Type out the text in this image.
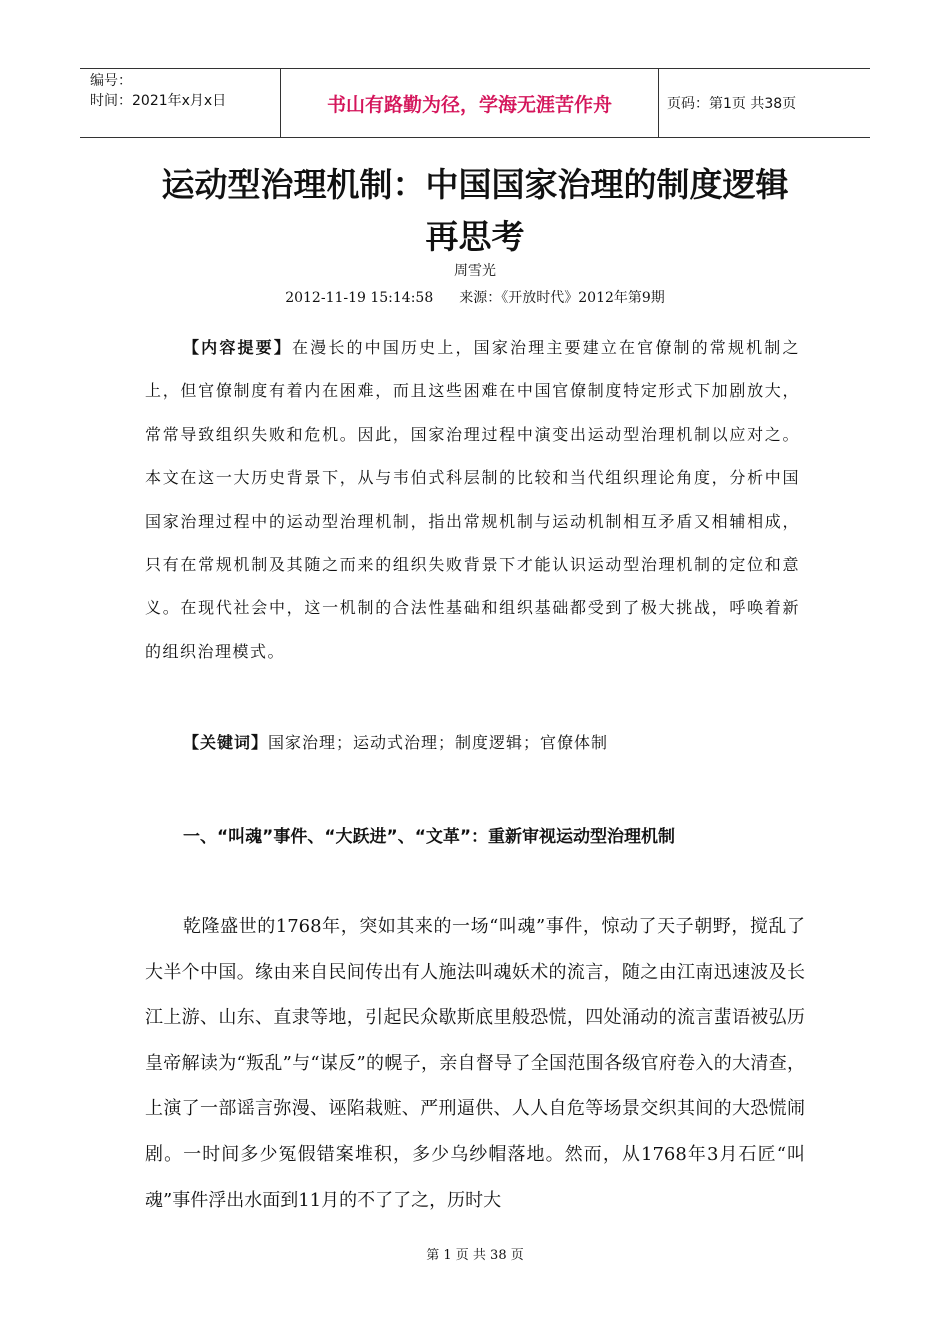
编号：
时间：2021年x月x日	书山有路勤为径，学海无涯苦作舟	页码：第1页 共38页
运动型治理机制：中国国家治理的制度逻辑
再思考
周雪光
2012-11-19 15:14:58 来源：《开放时代》2012年第9期
【内容提要】在漫长的中国历史上，国家治理主要建立在官僚制的常规机制之上，但官僚制度有着内在困难，而且这些困难在中国官僚制度特定形式下加剧放大，常常导致组织失败和危机。因此，国家治理过程中演变出运动型治理机制以应对之。本文在这一大历史背景下，从与韦伯式科层制的比较和当代组织理论角度，分析中国国家治理过程中的运动型治理机制，指出常规机制与运动机制相互矛盾又相辅相成，只有在常规机制及其随之而来的组织失败背景下才能认识运动型治理机制的定位和意义。在现代社会中，这一机制的合法性基础和组织基础都受到了极大挑战，呼唤着新的组织治理模式。
【关键词】国家治理；运动式治理；制度逻辑；官僚体制
一、“叫魂”事件、“大跃进”、“文革”：重新审视运动型治理机制
乾隆盛世的1768年，突如其来的一场“叫魂”事件，惊动了天子朝野，搅乱了大半个中国。缘由来自民间传出有人施法叫魂妖术的流言，随之由江南迅速波及长江上游、山东、直隶等地，引起民众歇斯底里般恐慌，四处涌动的流言蜚语被弘历皇帝解读为“叛乱”与“谋反”的幌子，亲自督导了全国范围各级官府卷入的大清查，上演了一部谣言弥漫、诬陷栽赃、严刑逼供、人人自危等场景交织其间的大恐慌闹剧。一时间多少冤假错案堆积，多少乌纱帽落地。然而，从1768年3月石匠“叫魂”事件浮出水面到11月的不了了之，历时大
第 1 页 共 38 页
